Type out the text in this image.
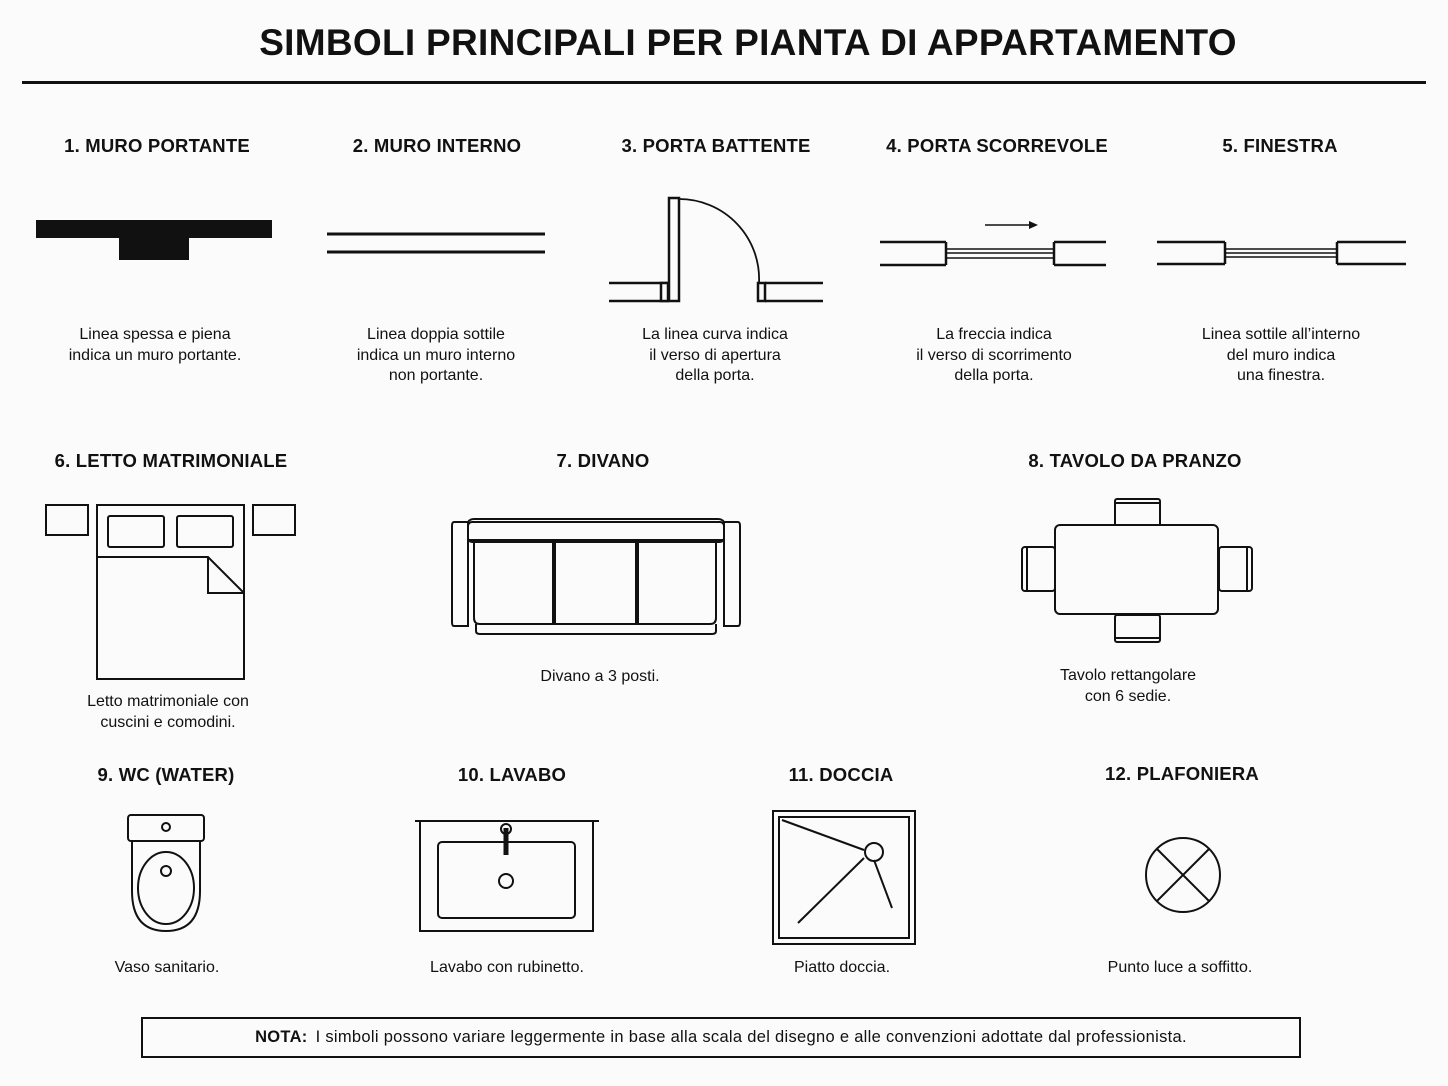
SIMBOLI PRINCIPALI PER PIANTA DI APPARTAMENTO
1. MURO PORTANTE	2. MURO INTERNO	3. PORTA BATTENTE	4. PORTA SCORREVOLE	5. FINESTRA
Linea spessa e piena
indica un muro portante.
Linea doppia sottile
indica un muro interno
non portante.
La linea curva indica
il verso di apertura
della porta.
La freccia indica
il verso di scorrimento
della porta.
Linea sottile all’interno
del muro indica
una finestra.
6. LETTO MATRIMONIALE	7. DIVANO	8. TAVOLO DA PRANZO
Letto matrimoniale con
cuscini e comodini.
Divano a 3 posti.	Tavolo rettangolare
con 6 sedie.
9. WC (WATER)	10. LAVABO	11. DOCCIA	12. PLAFONIERA
Vaso sanitario.	Lavabo con rubinetto.	Piatto doccia.	Punto luce a soffitto.
NOTA: I simboli possono variare leggermente in base alla scala del disegno e alle convenzioni adottate dal professionista.
